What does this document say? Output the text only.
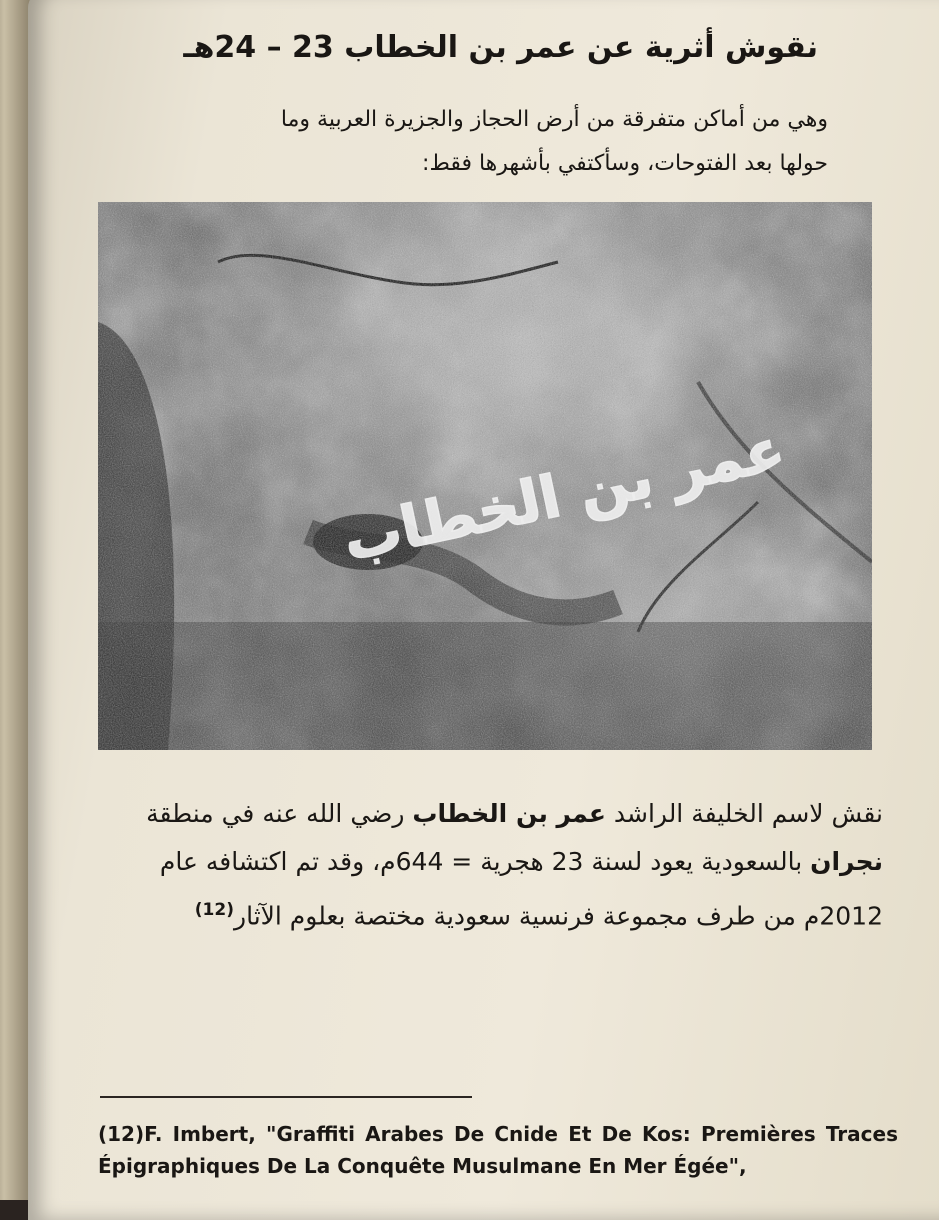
نقوش أثرية عن عمر بن الخطاب 23 – 24هـ

وهي من أماكن متفرقة من أرض الحجاز والجزيرة العربية وما
حولها بعد الفتوحات، وسأكتفي بأشهرها فقط:

عمر بن الخطاب

نقش لاسم الخليفة الراشد عمر بن الخطاب رضي الله عنه في منطقة نجران بالسعودية يعود لسنة 23 هجرية = 644م، وقد تم اكتشافه عام 2012م من طرف مجموعة فرنسية سعودية مختصة بعلوم الآثار$^{(12)}$

(12)F. Imbert, "Graffiti Arabes De Cnide Et De Kos: Premières Traces Épigraphiques De La Conquête Musulmane En Mer Égée",
